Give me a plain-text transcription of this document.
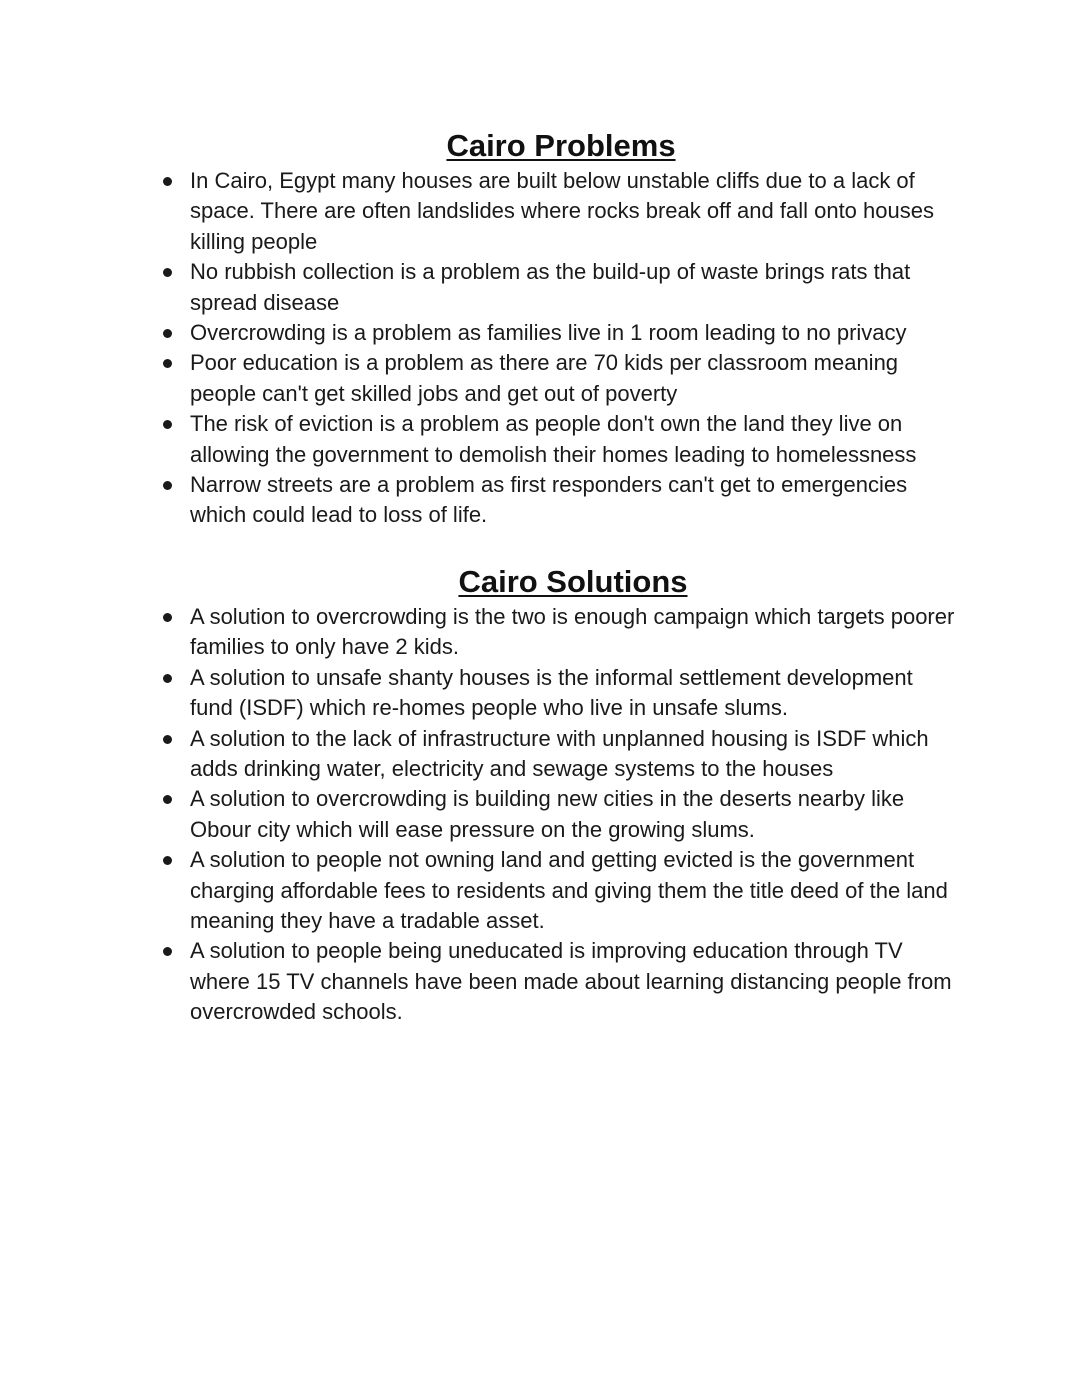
Cairo Problems
In Cairo, Egypt many houses are built below unstable cliffs due to a lack of space. There are often landslides where rocks break off and fall onto houses killing people
No rubbish collection is a problem as the build-up of waste brings rats that spread disease
Overcrowding is a problem as families live in 1 room leading to no privacy
Poor education is a problem as there are 70 kids per classroom meaning people can't get skilled jobs and get out of poverty
The risk of eviction is a problem as people don't own the land they live on allowing the government to demolish their homes leading to homelessness
Narrow streets are a problem as first responders can't get to emergencies which could lead to loss of life.
Cairo Solutions
A solution to overcrowding is the two is enough campaign which targets poorer families to only have 2 kids.
A solution to unsafe shanty houses is the informal settlement development fund (ISDF) which re-homes people who live in unsafe slums.
A solution to the lack of infrastructure with unplanned housing is ISDF which adds drinking water, electricity and sewage systems to the houses
A solution to overcrowding is building new cities in the deserts nearby like Obour city which will ease pressure on the growing slums.
A solution to people not owning land and getting evicted is the government charging affordable fees to residents and giving them the title deed of the land meaning they have a tradable asset.
A solution to people being uneducated is improving education through TV where 15 TV channels have been made about learning distancing people from overcrowded schools.
